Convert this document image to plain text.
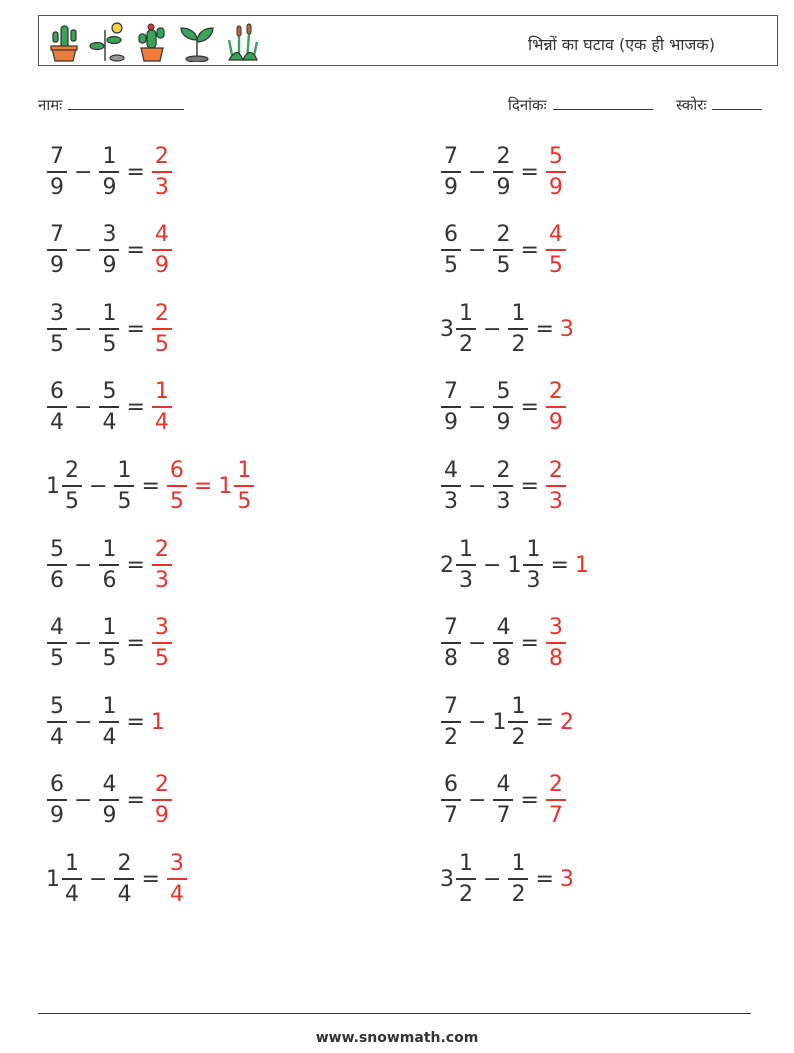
भिन्नों का घटाव (एक ही भाजक)
नामः	दिनांकः	स्कोरः
$\frac{7}{9} - \frac{1}{9} = \frac{2}{3}$	$\frac{7}{9} - \frac{2}{9} = \frac{5}{9}$
$\frac{7}{9} - \frac{3}{9} = \frac{4}{9}$	$\frac{6}{5} - \frac{2}{5} = \frac{4}{5}$
$\frac{3}{5} - \frac{1}{5} = \frac{2}{5}$	$3 \frac{1}{2} - \frac{1}{2} = 3$
$\frac{6}{4} - \frac{5}{4} = \frac{1}{4}$	$\frac{7}{9} - \frac{5}{9} = \frac{2}{9}$
$1 \frac{2}{5} - \frac{1}{5} = \frac{6}{5} = 1 \frac{1}{5}$	$\frac{4}{3} - \frac{2}{3} = \frac{2}{3}$
$\frac{5}{6} - \frac{1}{6} = \frac{2}{3}$	$2 \frac{1}{3} - 1 \frac{1}{3} = 1$
$\frac{4}{5} - \frac{1}{5} = \frac{3}{5}$	$\frac{7}{8} - \frac{4}{8} = \frac{3}{8}$
$\frac{5}{4} - \frac{1}{4} = 1$	$\frac{7}{2} - 1 \frac{1}{2} = 2$
$\frac{6}{9} - \frac{4}{9} = \frac{2}{9}$	$\frac{6}{7} - \frac{4}{7} = \frac{2}{7}$
$1 \frac{1}{4} - \frac{2}{4} = \frac{3}{4}$	$3 \frac{1}{2} - \frac{1}{2} = 3$
www.snowmath.com
